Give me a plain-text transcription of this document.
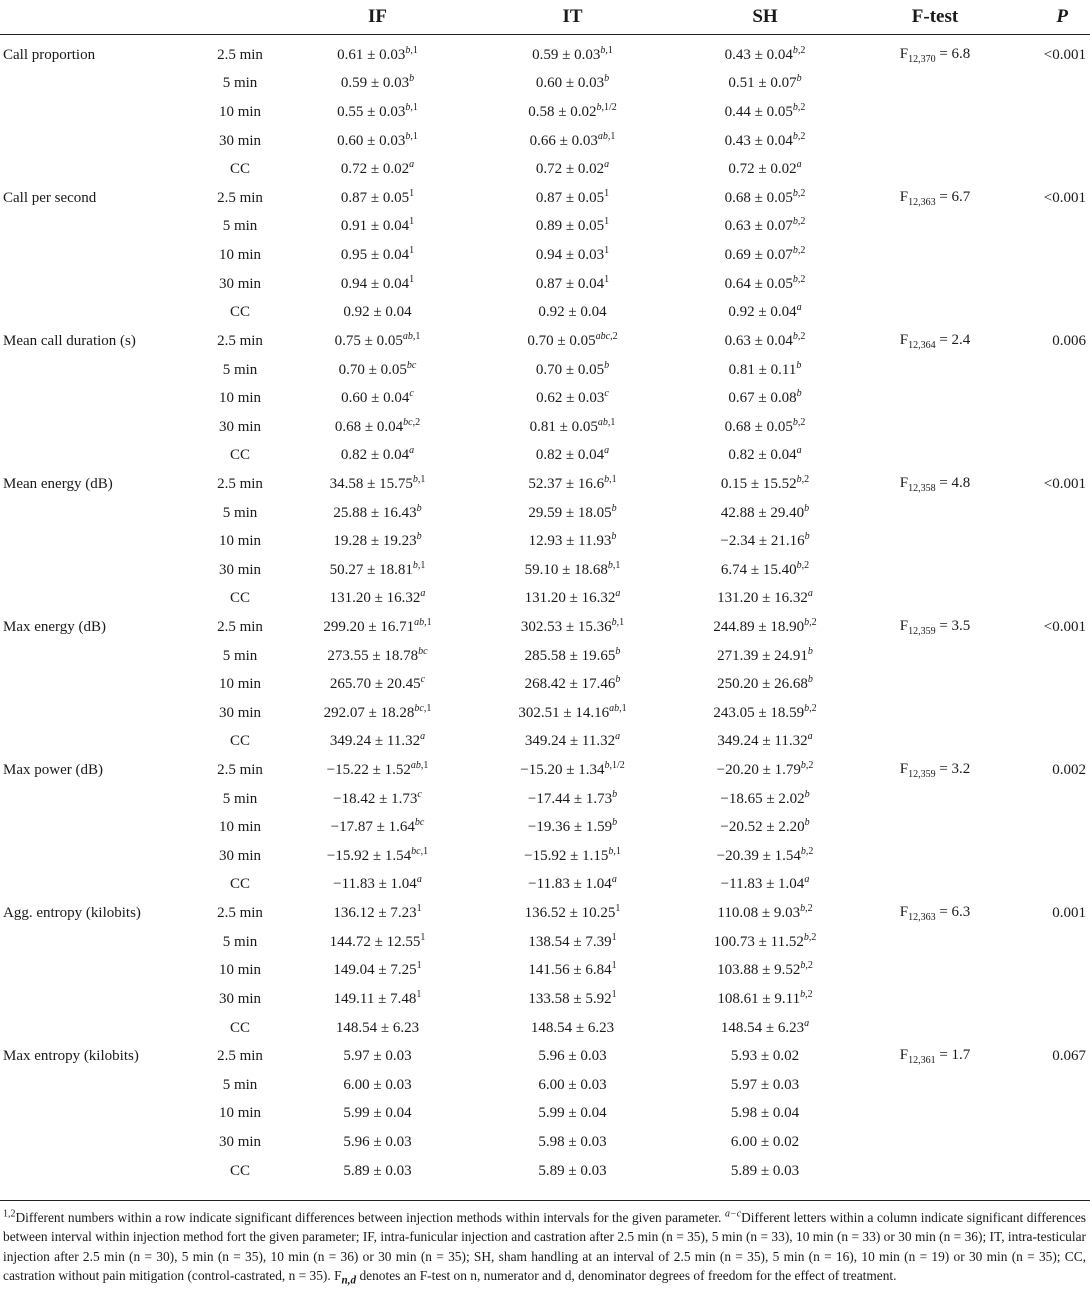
		IF	IT	SH	F-test	P
Call proportion	2.5 min	$0.61 \pm 0.03^{b,1}$	$0.59 \pm 0.03^{b,1}$	$0.43 \pm 0.04^{b,2}$	$F_{12,370} = 6.8$	<0.001
	5 min	0.59 ± 0.03$^b$	0.60 ± 0.03$^b$	0.51 ± 0.07$^b$		
	10 min	$0.55 \pm 0.03^{b,1}$	$0.58 \pm 0.02^{b,1/2}$	$0.44 \pm 0.05^{b,2}$		
	30 min	$0.60 \pm 0.03^{b,1}$	$0.66 \pm 0.03^{ab,1}$	$0.43 \pm 0.04^{b,2}$		
	CC	0.72 ± 0.02$^a$	0.72 ± 0.02$^a$	0.72 ± 0.02$^a$		
Call per second	2.5 min	$0.87 \pm 0.05^1$	$0.87 \pm 0.05^1$	$0.68 \pm 0.05^{b,2}$	$F_{12,363} = 6.7$	<0.001
	5 min	$0.91 \pm 0.04^1$	$0.89 \pm 0.05^1$	$0.63 \pm 0.07^{b,2}$		
	10 min	$0.95 \pm 0.04^1$	$0.94 \pm 0.03^1$	$0.69 \pm 0.07^{b,2}$		
	30 min	$0.94 \pm 0.04^1$	$0.87 \pm 0.04^1$	$0.64 \pm 0.05^{b,2}$		
	CC	0.92 ± 0.04	0.92 ± 0.04	0.92 ± 0.04$^a$		
Mean call duration (s)	2.5 min	$0.75 \pm 0.05^{ab,1}$	$0.70 \pm 0.05^{abc,2}$	$0.63 \pm 0.04^{b,2}$	$F_{12,364} = 2.4$	0.006
	5 min	0.70 ± 0.05$^{bc}$	0.70 ± 0.05$^b$	0.81 ± 0.11$^b$		
	10 min	0.60 ± 0.04$^c$	0.62 ± 0.03$^c$	0.67 ± 0.08$^b$		
	30 min	$0.68 \pm 0.04^{bc,2}$	$0.81 \pm 0.05^{ab,1}$	$0.68 \pm 0.05^{b,2}$		
	CC	0.82 ± 0.04$^a$	0.82 ± 0.04$^a$	0.82 ± 0.04$^a$		
Mean energy (dB)	2.5 min	$34.58 \pm 15.75^{b,1}$	$52.37 \pm 16.6^{b,1}$	$0.15 \pm 15.52^{b,2}$	$F_{12,358} = 4.8$	<0.001
	5 min	25.88 ± 16.43$^b$	29.59 ± 18.05$^b$	42.88 ± 29.40$^b$		
	10 min	19.28 ± 19.23$^b$	12.93 ± 11.93$^b$	−2.34 ± 21.16$^b$		
	30 min	$50.27 \pm 18.81^{b,1}$	$59.10 \pm 18.68^{b,1}$	$6.74 \pm 15.40^{b,2}$		
	CC	131.20 ± 16.32$^a$	131.20 ± 16.32$^a$	131.20 ± 16.32$^a$		
Max energy (dB)	2.5 min	$299.20 \pm 16.71^{ab,1}$	$302.53 \pm 15.36^{b,1}$	$244.89 \pm 18.90^{b,2}$	$F_{12,359} = 3.5$	<0.001
	5 min	273.55 ± 18.78$^{bc}$	285.58 ± 19.65$^b$	271.39 ± 24.91$^b$		
	10 min	265.70 ± 20.45$^c$	268.42 ± 17.46$^b$	250.20 ± 26.68$^b$		
	30 min	$292.07 \pm 18.28^{bc,1}$	$302.51 \pm 14.16^{ab,1}$	$243.05 \pm 18.59^{b,2}$		
	CC	349.24 ± 11.32$^a$	349.24 ± 11.32$^a$	349.24 ± 11.32$^a$		
Max power (dB)	2.5 min	$-15.22 \pm 1.52^{ab,1}$	$-15.20 \pm 1.34^{b,1/2}$	$-20.20 \pm 1.79^{b,2}$	$F_{12,359} = 3.2$	0.002
	5 min	−18.42 ± 1.73$^c$	−17.44 ± 1.73$^b$	−18.65 ± 2.02$^b$		
	10 min	−17.87 ± 1.64$^{bc}$	−19.36 ± 1.59$^b$	−20.52 ± 2.20$^b$		
	30 min	$-15.92 \pm 1.54^{bc,1}$	$-15.92 \pm 1.15^{b,1}$	$-20.39 \pm 1.54^{b,2}$		
	CC	−11.83 ± 1.04$^a$	−11.83 ± 1.04$^a$	−11.83 ± 1.04$^a$		
Agg. entropy (kilobits)	2.5 min	$136.12 \pm 7.23^1$	$136.52 \pm 10.25^1$	$110.08 \pm 9.03^{b,2}$	$F_{12,363} = 6.3$	0.001
	5 min	$144.72 \pm 12.55^1$	$138.54 \pm 7.39^1$	$100.73 \pm 11.52^{b,2}$		
	10 min	$149.04 \pm 7.25^1$	$141.56 \pm 6.84^1$	$103.88 \pm 9.52^{b,2}$		
	30 min	$149.11 \pm 7.48^1$	$133.58 \pm 5.92^1$	$108.61 \pm 9.11^{b,2}$		
	CC	148.54 ± 6.23	148.54 ± 6.23	148.54 ± 6.23$^a$		
Max entropy (kilobits)	2.5 min	5.97 ± 0.03	5.96 ± 0.03	5.93 ± 0.02	$F_{12,361} = 1.7$	0.067
	5 min	6.00 ± 0.03	6.00 ± 0.03	5.97 ± 0.03		
	10 min	5.99 ± 0.04	5.99 ± 0.04	5.98 ± 0.04		
	30 min	5.96 ± 0.03	5.98 ± 0.03	6.00 ± 0.02		
	CC	5.89 ± 0.03	5.89 ± 0.03	5.89 ± 0.03		

$^{1,2}$Different numbers within a row indicate significant differences between injection methods within intervals for the given parameter. $^{a-c}$Different letters within a column indicate significant differences between interval within injection method fort the given parameter; IF, intra-funicular injection and castration after 2.5 min (n = 35), 5 min (n = 33), 10 min (n = 33) or 30 min (n = 36); IT, intra-testicular injection after 2.5 min (n = 30), 5 min (n = 35), 10 min (n = 36) or 30 min (n = 35); SH, sham handling at an interval of 2.5 min (n = 35), 5 min (n = 16), 10 min (n = 19) or 30 min (n = 35); CC, castration without pain mitigation (control-castrated, n = 35). $F_{n,d}$ denotes an F-test on n, numerator and d, denominator degrees of freedom for the effect of treatment.
